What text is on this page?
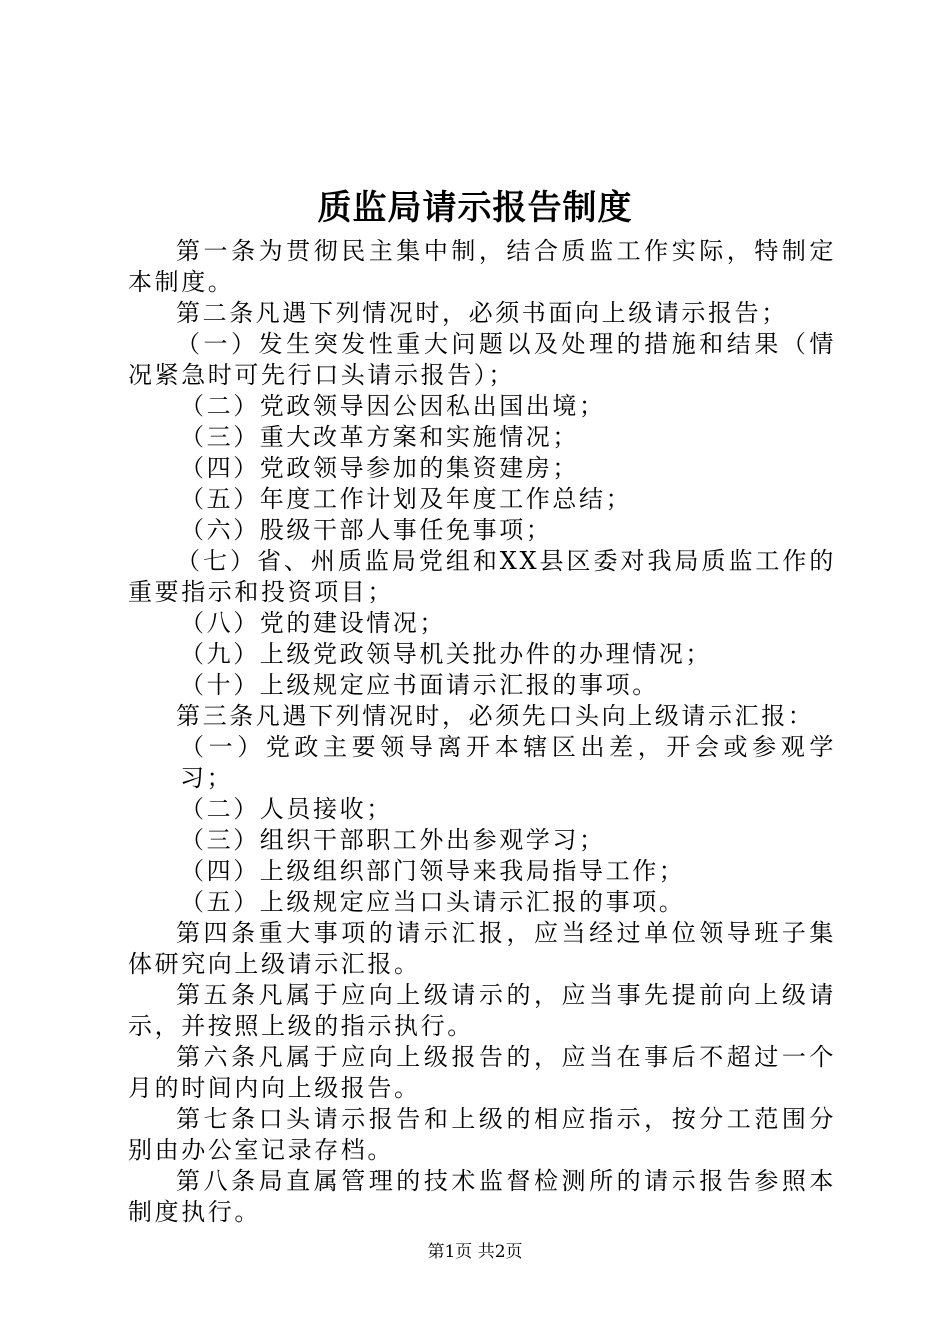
质监局请示报告制度

第一条为贯彻民主集中制，结合质监工作实际，特制定本制度。

第二条凡遇下列情况时，必须书面向上级请示报告；

（一）发生突发性重大问题以及处理的措施和结果（情况紧急时可先行口头请示报告）；

（二）党政领导因公因私出国出境；

（三）重大改革方案和实施情况；

（四）党政领导参加的集资建房；

（五）年度工作计划及年度工作总结；

（六）股级干部人事任免事项；

（七）省、州质监局党组和XX县区委对我局质监工作的重要指示和投资项目；

（八）党的建设情况；

（九）上级党政领导机关批办件的办理情况；

（十）上级规定应书面请示汇报的事项。

第三条凡遇下列情况时，必须先口头向上级请示汇报：

（一）党政主要领导离开本辖区出差，开会或参观学习；

（二）人员接收；

（三）组织干部职工外出参观学习；

（四）上级组织部门领导来我局指导工作；

（五）上级规定应当口头请示汇报的事项。

第四条重大事项的请示汇报，应当经过单位领导班子集体研究向上级请示汇报。

第五条凡属于应向上级请示的，应当事先提前向上级请示，并按照上级的指示执行。

第六条凡属于应向上级报告的，应当在事后不超过一个月的时间内向上级报告。

第七条口头请示报告和上级的相应指示，按分工范围分别由办公室记录存档。

第八条局直属管理的技术监督检测所的请示报告参照本制度执行。

第1页 共2页
